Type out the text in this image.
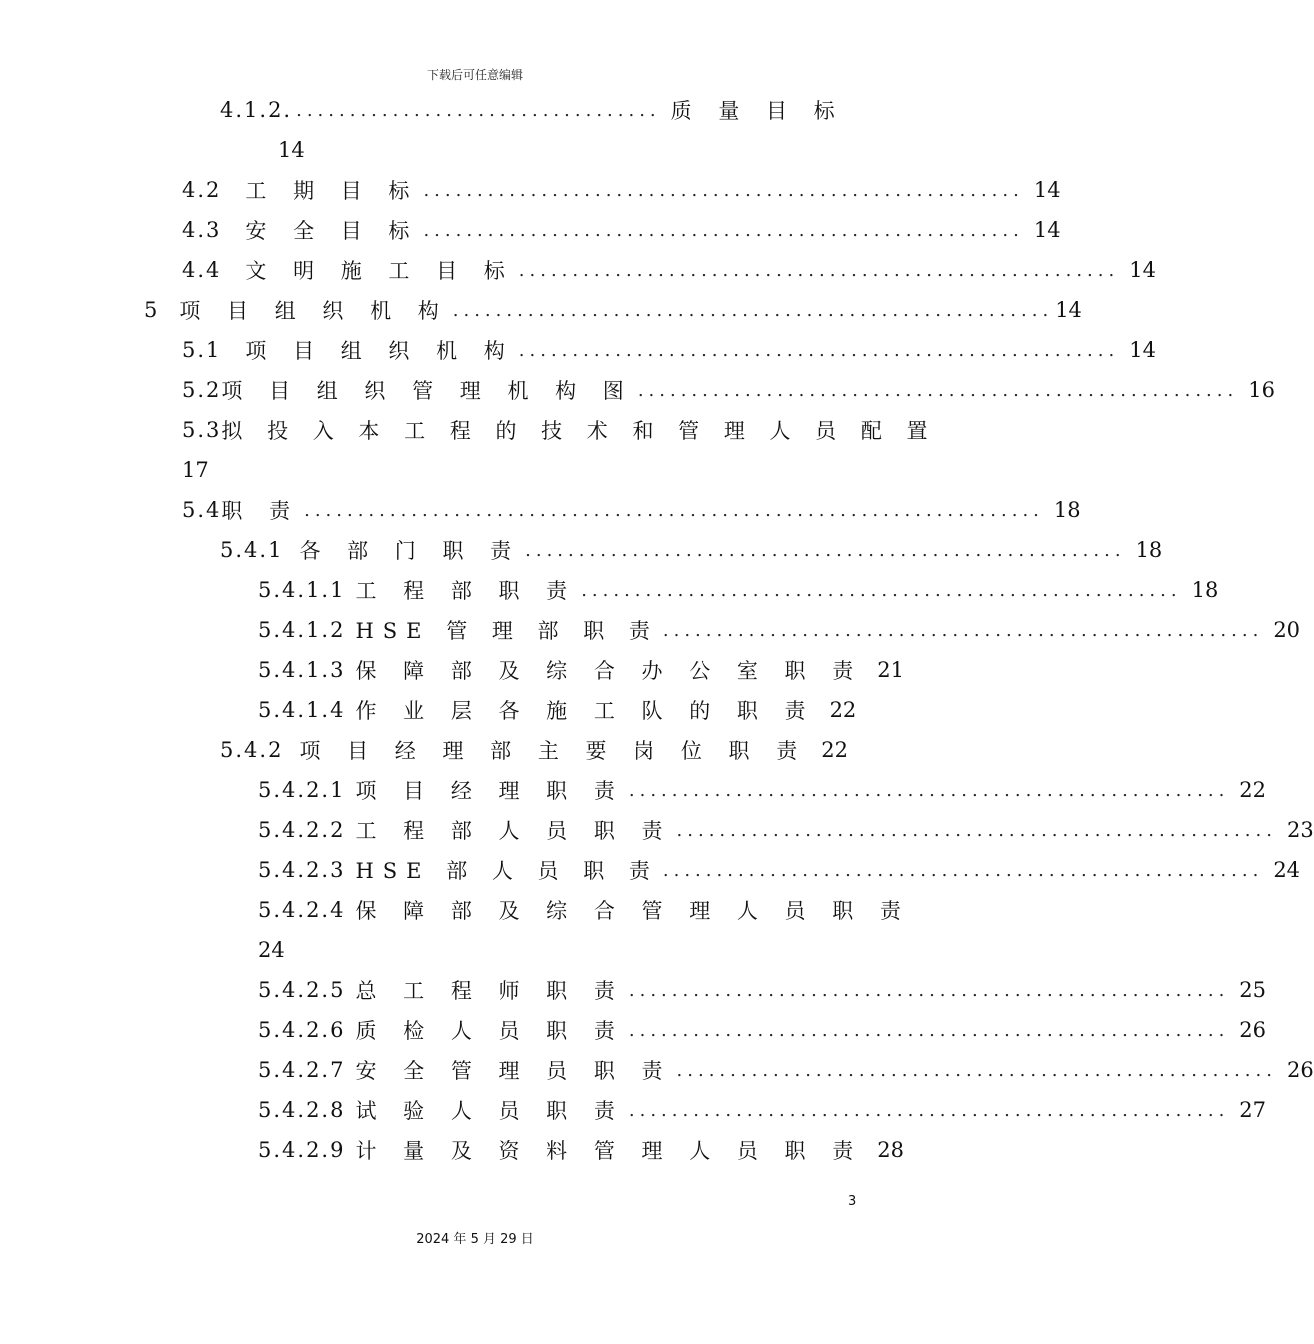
下载后可任意编辑
4.1.2. .................................. 质 量 目 标
14
4.2 工 期 目 标 ........................................................ 14
4.3 安 全 目 标 ........................................................ 14
4.4 文 明 施 工 目 标 ........................................................ 14
5 项 目 组 织 机 构 ........................................................ 14
5.1 项 目 组 织 机 构 ........................................................ 14
5.2 项 目 组 织 管 理 机 构 图 ........................................................ 16
5.3 拟 投 入 本 工 程 的 技 术 和 管 理 人 员 配 置
17
5.4 职 责 ..................................................................... 18
5.4.1 各 部 门 职 责 ........................................................ 18
5.4.1.1 工 程 部 职 责 ........................................................ 18
5.4.1.2 HSE 管 理 部 职 责 ........................................................ 20
5.4.1.3 保 障 部 及 综 合 办 公 室 职 责 21
5.4.1.4 作 业 层 各 施 工 队 的 职 责 22
5.4.2 项 目 经 理 部 主 要 岗 位 职 责 22
5.4.2.1 项 目 经 理 职 责 ........................................................ 22
5.4.2.2 工 程 部 人 员 职 责 ........................................................ 23
5.4.2.3 HSE 部 人 员 职 责 ........................................................ 24
5.4.2.4 保 障 部 及 综 合 管 理 人 员 职 责
24
5.4.2.5 总 工 程 师 职 责 ........................................................ 25
5.4.2.6 质 检 人 员 职 责 ........................................................ 26
5.4.2.7 安 全 管 理 员 职 责 ........................................................ 26
5.4.2.8 试 验 人 员 职 责 ........................................................ 27
5.4.2.9 计 量 及 资 料 管 理 人 员 职 责 28
3
2024 年 5 月 29 日
